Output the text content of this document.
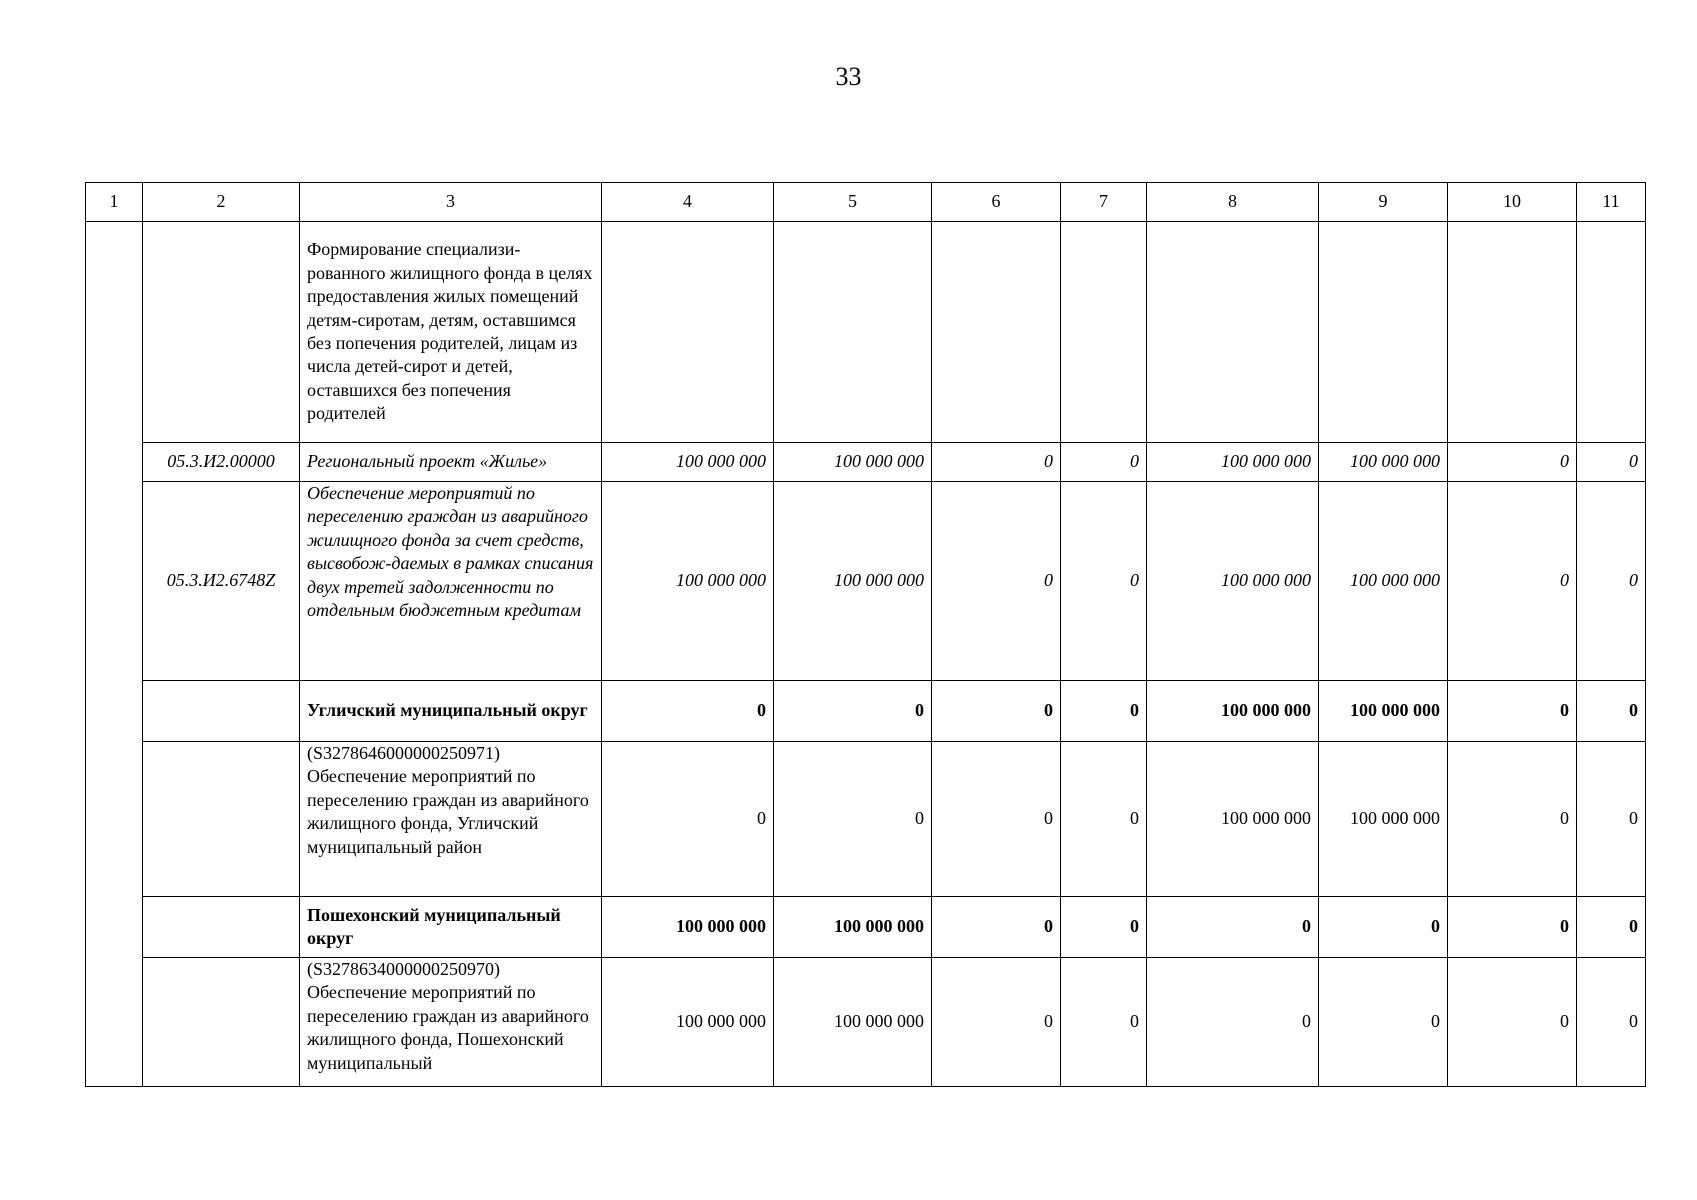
33
1	2	3	4	5	6	7	8	9	10	11
		Формирование специализи-рованного жилищного фонда в целях предоставления жилых помещений детям-сиротам, детям, оставшимся без попечения родителей, лицам из числа детей-сирот и детей, оставшихся без попечения родителей								
	05.3.И2.00000	Региональный проект «Жилье»	100 000 000	100 000 000	0	0	100 000 000	100 000 000	0	0
	05.3.И2.6748Z	Обеспечение мероприятий по переселению граждан из аварийного жилищного фонда за счет средств, высвобож-даемых в рамках списания двух третей задолженности по отдельным бюджетным кредитам	100 000 000	100 000 000	0	0	100 000 000	100 000 000	0	0
		Угличский муниципальный округ	0	0	0	0	100 000 000	100 000 000	0	0
		(S3278646000000250971) Обеспечение мероприятий по переселению граждан из аварийного жилищного фонда, Угличский муниципальный район	0	0	0	0	100 000 000	100 000 000	0	0
		Пошехонский муниципальный округ	100 000 000	100 000 000	0	0	0	0	0	0
		(S3278634000000250970) Обеспечение мероприятий по переселению граждан из аварийного жилищного фонда, Пошехонский муниципальный	100 000 000	100 000 000	0	0	0	0	0	0
